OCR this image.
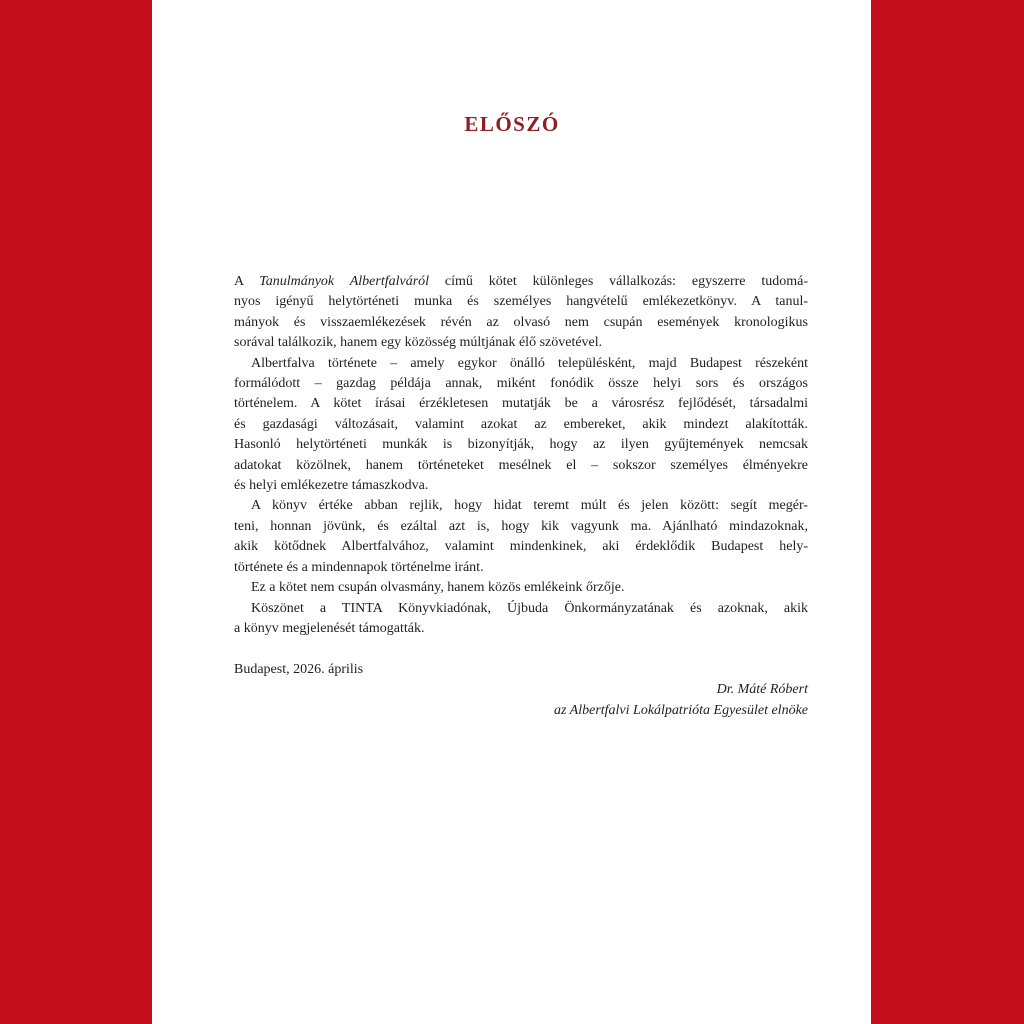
ELŐSZÓ
A Tanulmányok Albertfalváról című kötet különleges vállalkozás: egyszerre tudomá-
nyos igényű helytörténeti munka és személyes hangvételű emlékezetkönyv. A tanul-
mányok és visszaemlékezések révén az olvasó nem csupán események kronologikus
sorával találkozik, hanem egy közösség múltjának élő szövetével.
Albertfalva története – amely egykor önálló településként, majd Budapest részeként
formálódott – gazdag példája annak, miként fonódik össze helyi sors és országos
történelem. A kötet írásai érzékletesen mutatják be a városrész fejlődését, társadalmi
és gazdasági változásait, valamint azokat az embereket, akik mindezt alakították.
Hasonló helytörténeti munkák is bizonyítják, hogy az ilyen gyűjtemények nemcsak
adatokat közölnek, hanem történeteket mesélnek el – sokszor személyes élményekre
és helyi emlékezetre támaszkodva.
A könyv értéke abban rejlik, hogy hidat teremt múlt és jelen között: segít megér-
teni, honnan jövünk, és ezáltal azt is, hogy kik vagyunk ma. Ajánlható mindazoknak,
akik kötődnek Albertfalvához, valamint mindenkinek, aki érdeklődik Budapest hely-
története és a mindennapok történelme iránt.
Ez a kötet nem csupán olvasmány, hanem közös emlékeink őrzője.
Köszönet a TINTA Könyvkiadónak, Újbuda Önkormányzatának és azoknak, akik
a könyv megjelenését támogatták.
Budapest, 2026. április
Dr. Máté Róbert
az Albertfalvi Lokálpatrióta Egyesület elnöke
